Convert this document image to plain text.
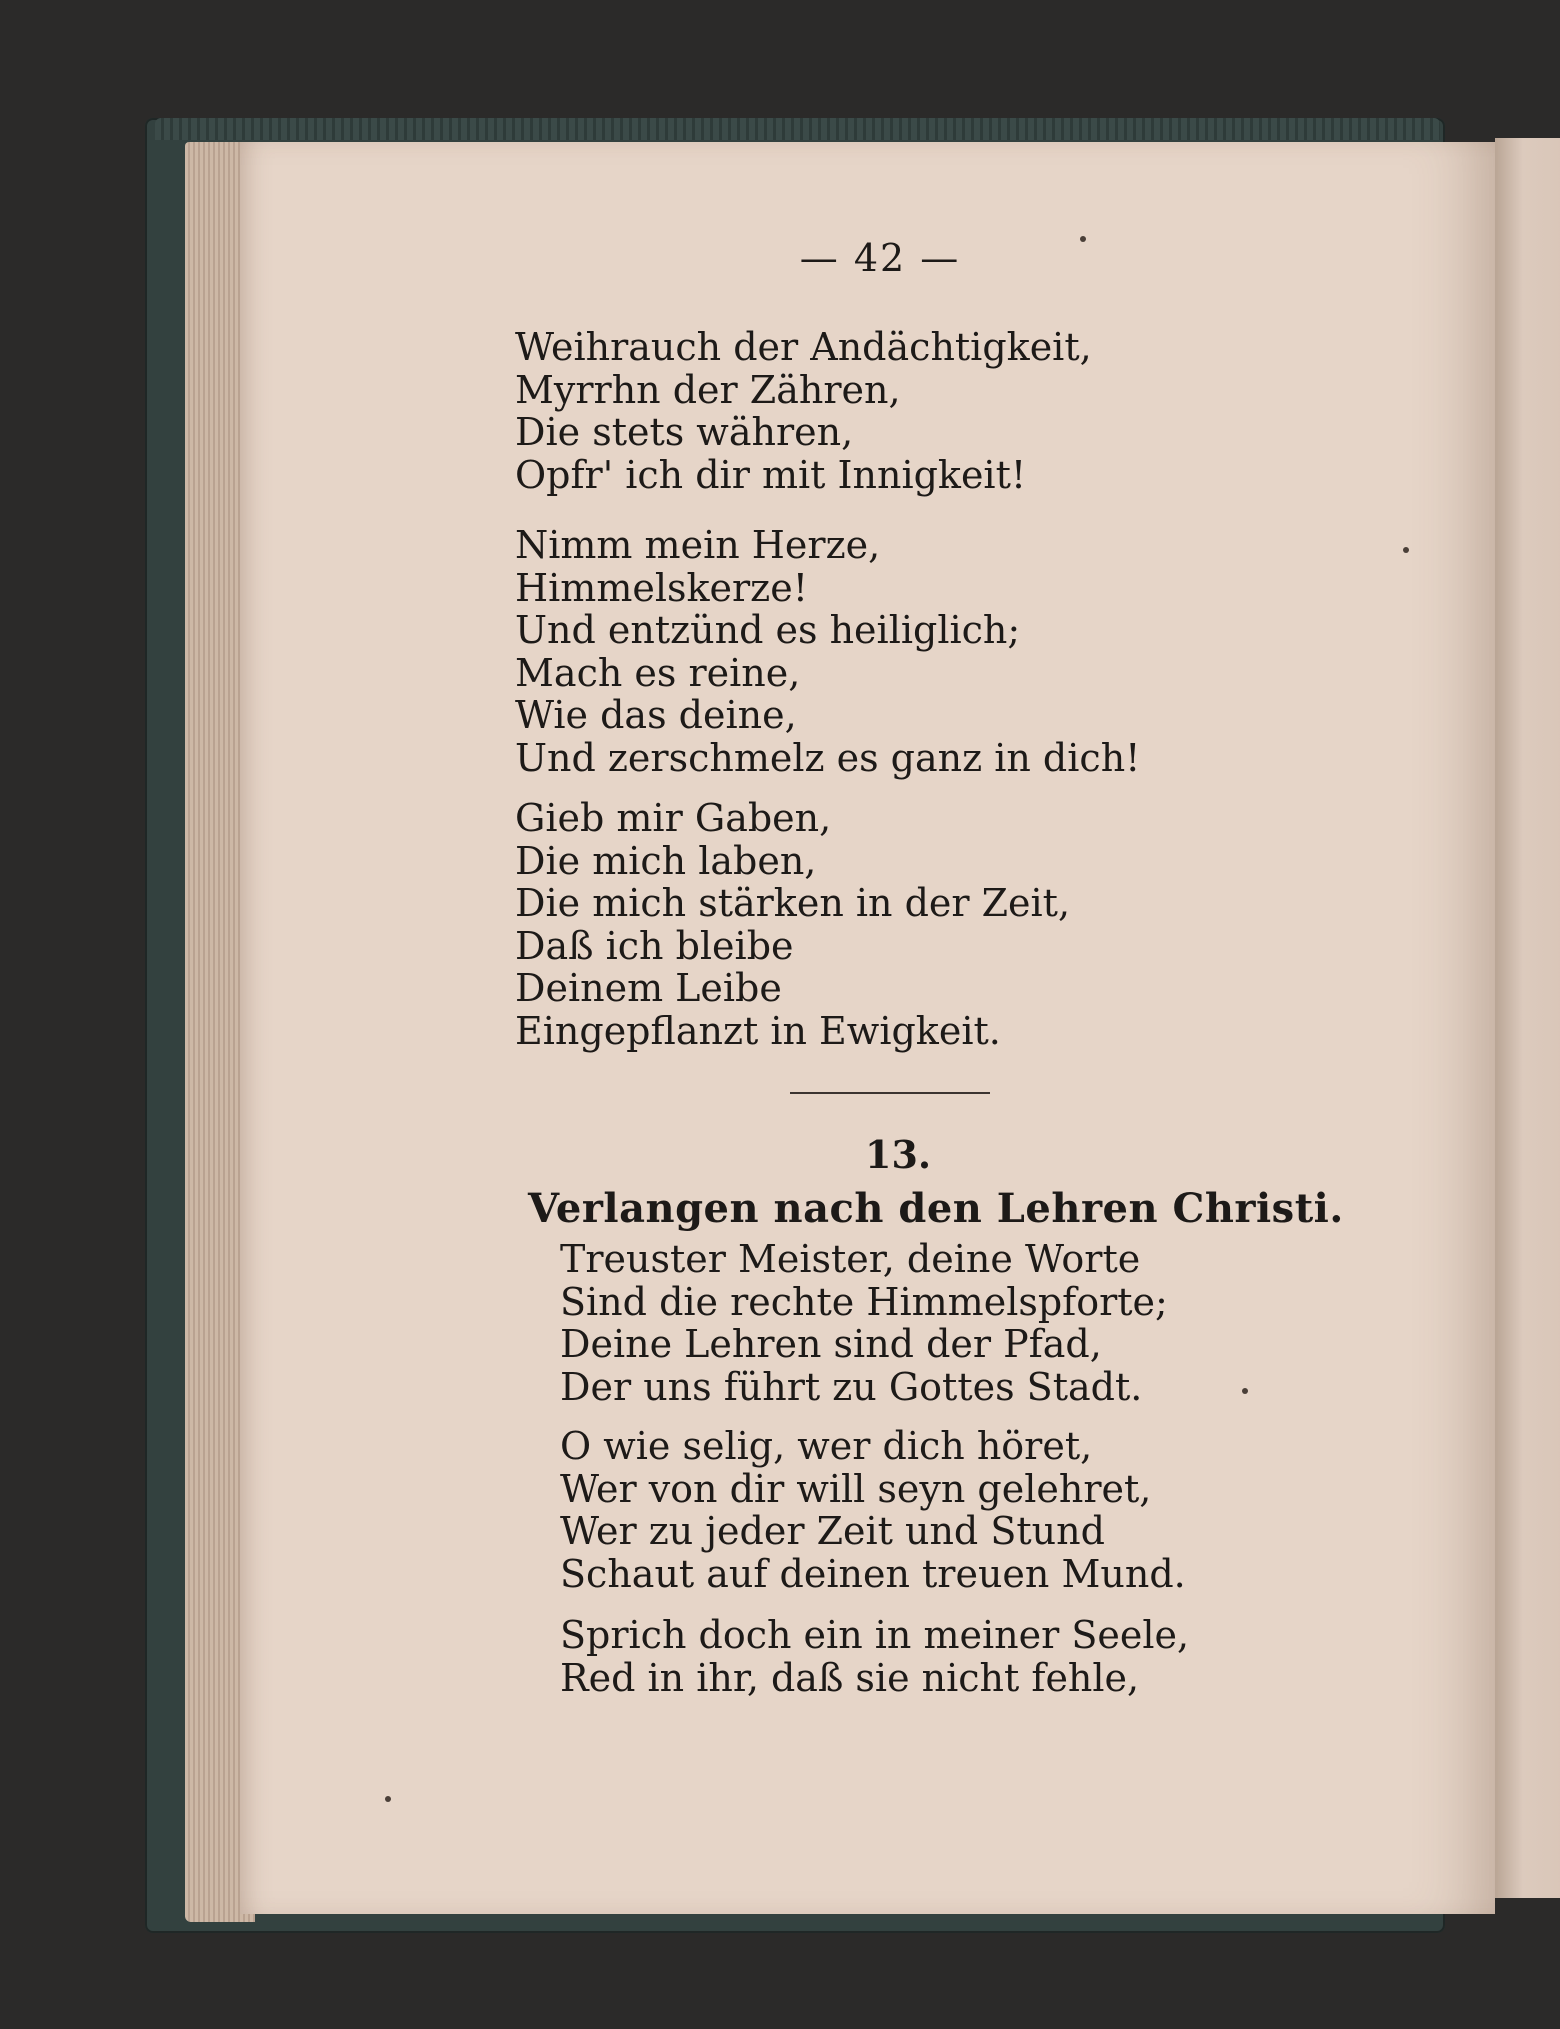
— 42 —
Weihrauch der Andächtigkeit,
Myrrhn der Zähren,
Die stets währen,
Opfr' ich dir mit Innigkeit!
Nimm mein Herze,
Himmelskerze!
Und entzünd es heiliglich;
Mach es reine,
Wie das deine,
Und zerschmelz es ganz in dich!
Gieb mir Gaben,
Die mich laben,
Die mich stärken in der Zeit,
Daß ich bleibe
Deinem Leibe
Eingepflanzt in Ewigkeit.
13.
Verlangen nach den Lehren Christi.
Treuster Meister, deine Worte
Sind die rechte Himmelspforte;
Deine Lehren sind der Pfad,
Der uns führt zu Gottes Stadt.
O wie selig, wer dich höret,
Wer von dir will seyn gelehret,
Wer zu jeder Zeit und Stund
Schaut auf deinen treuen Mund.
Sprich doch ein in meiner Seele,
Red in ihr, daß sie nicht fehle,
